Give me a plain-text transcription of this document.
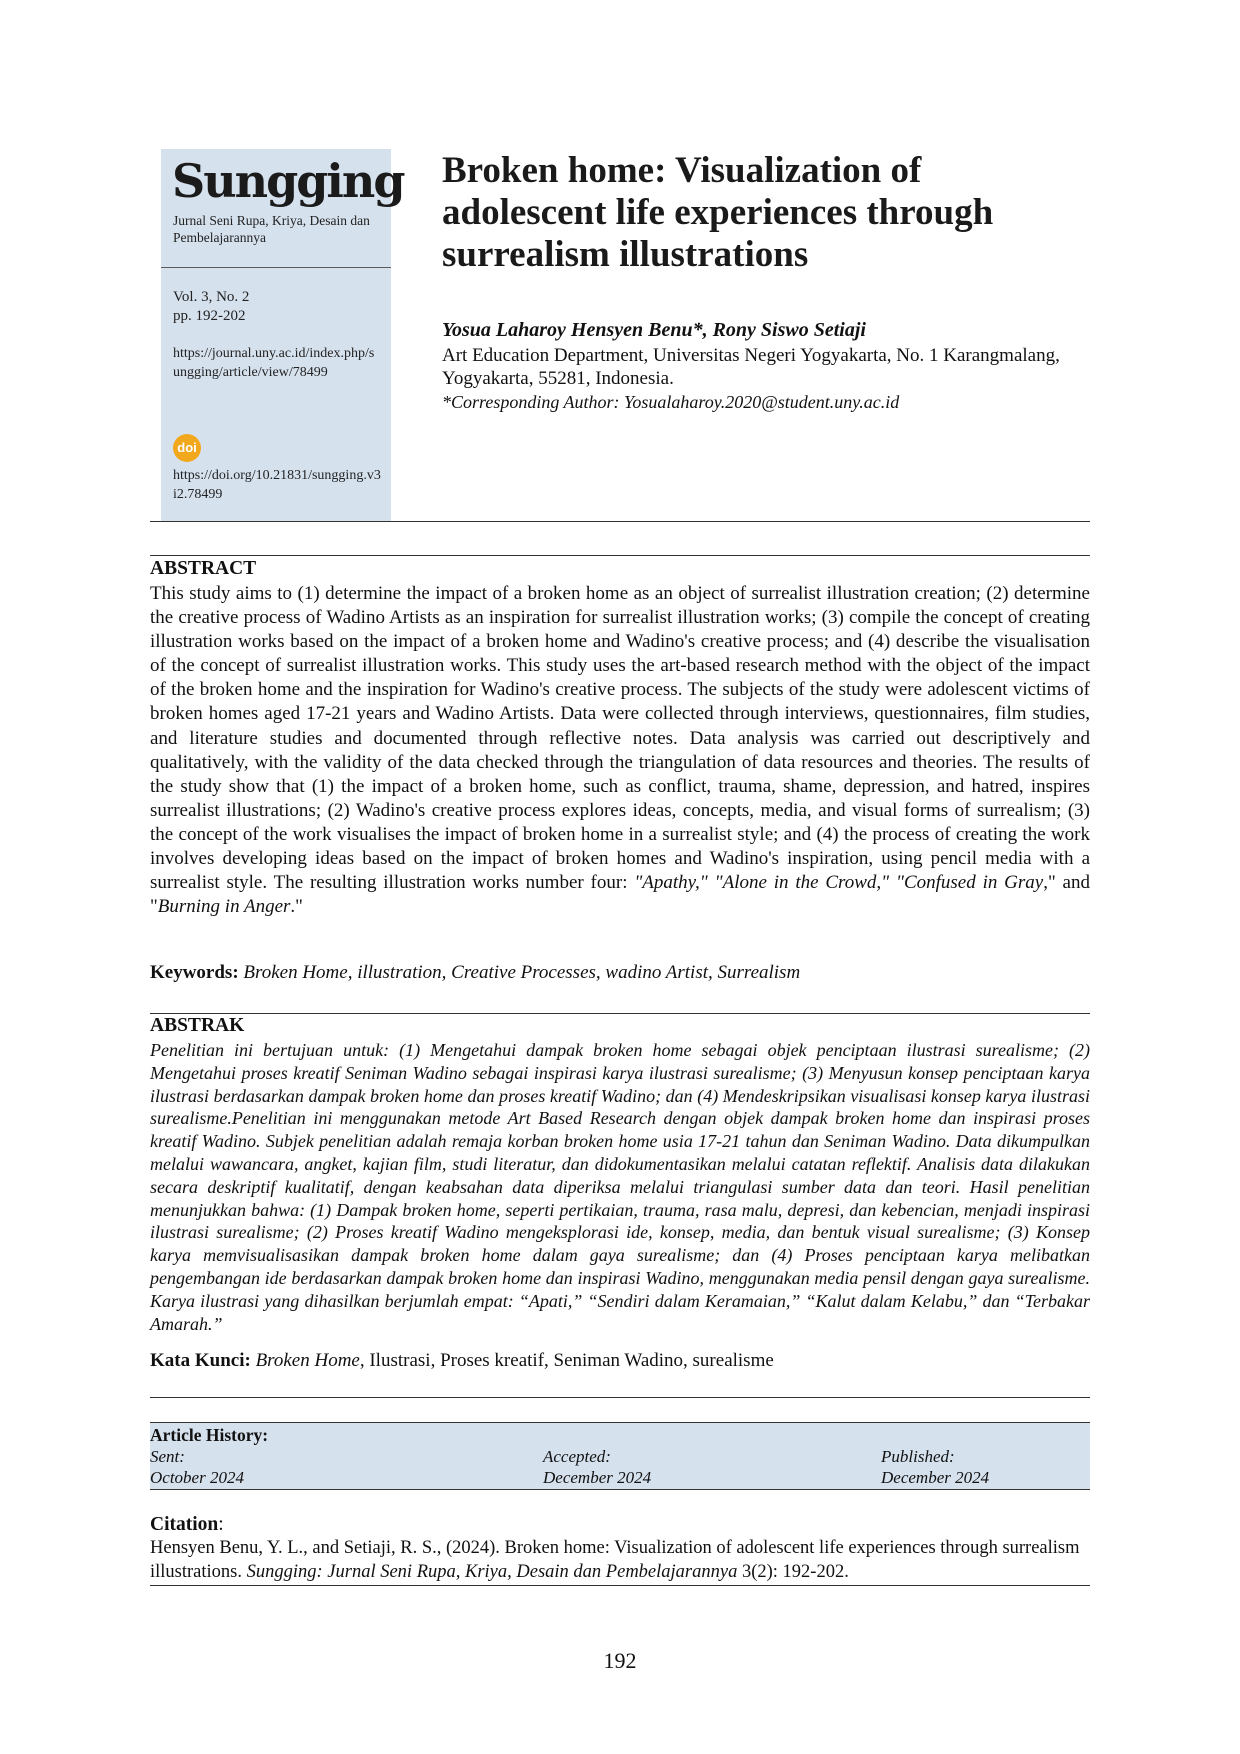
Sungging
Jurnal Seni Rupa, Kriya, Desain dan Pembelajarannya
Vol. 3, No. 2
pp. 192-202
https://journal.uny.ac.id/index.php/sungging/article/view/78499
doi
https://doi.org/10.21831/sungging.v3i2.78499
Broken home: Visualization of adolescent life experiences through surrealism illustrations
Yosua Laharoy Hensyen Benu*, Rony Siswo Setiaji
Art Education Department, Universitas Negeri Yogyakarta, No. 1 Karangmalang, Yogyakarta, 55281, Indonesia.
*Corresponding Author: Yosualaharoy.2020@student.uny.ac.id
ABSTRACT

This study aims to (1) determine the impact of a broken home as an object of surrealist illustration creation; (2) determine the creative process of Wadino Artists as an inspiration for surrealist illustration works; (3) compile the concept of creating illustration works based on the impact of a broken home and Wadino's creative process; and (4) describe the visualisation of the concept of surrealist illustration works. This study uses the art-based research method with the object of the impact of the broken home and the inspiration for Wadino's creative process. The subjects of the study were adolescent victims of broken homes aged 17-21 years and Wadino Artists. Data were collected through interviews, questionnaires, film studies, and literature studies and documented through reflective notes. Data analysis was carried out descriptively and qualitatively, with the validity of the data checked through the triangulation of data resources and theories. The results of the study show that (1) the impact of a broken home, such as conflict, trauma, shame, depression, and hatred, inspires surrealist illustrations; (2) Wadino's creative process explores ideas, concepts, media, and visual forms of surrealism; (3) the concept of the work visualises the impact of broken home in a surrealist style; and (4) the process of creating the work involves developing ideas based on the impact of broken homes and Wadino's inspiration, using pencil media with a surrealist style. The resulting illustration works number four: "Apathy," "Alone in the Crowd," "Confused in Gray," and "Burning in Anger."

Keywords: Broken Home, illustration, Creative Processes, wadino Artist, Surrealism

ABSTRAK

Penelitian ini bertujuan untuk: (1) Mengetahui dampak broken home sebagai objek penciptaan ilustrasi surealisme; (2) Mengetahui proses kreatif Seniman Wadino sebagai inspirasi karya ilustrasi surealisme; (3) Menyusun konsep penciptaan karya ilustrasi berdasarkan dampak broken home dan proses kreatif Wadino; dan (4) Mendeskripsikan visualisasi konsep karya ilustrasi surealisme.Penelitian ini menggunakan metode Art Based Research dengan objek dampak broken home dan inspirasi proses kreatif Wadino. Subjek penelitian adalah remaja korban broken home usia 17-21 tahun dan Seniman Wadino. Data dikumpulkan melalui wawancara, angket, kajian film, studi literatur, dan didokumentasikan melalui catatan reflektif. Analisis data dilakukan secara deskriptif kualitatif, dengan keabsahan data diperiksa melalui triangulasi sumber data dan teori. Hasil penelitian menunjukkan bahwa: (1) Dampak broken home, seperti pertikaian, trauma, rasa malu, depresi, dan kebencian, menjadi inspirasi ilustrasi surealisme; (2) Proses kreatif Wadino mengeksplorasi ide, konsep, media, dan bentuk visual surealisme; (3) Konsep karya memvisualisasikan dampak broken home dalam gaya surealisme; dan (4) Proses penciptaan karya melibatkan pengembangan ide berdasarkan dampak broken home dan inspirasi Wadino, menggunakan media pensil dengan gaya surealisme. Karya ilustrasi yang dihasilkan berjumlah empat: “Apati,” “Sendiri dalam Keramaian,” “Kalut dalam Kelabu,” dan “Terbakar Amarah.”

Kata Kunci: Broken Home, Ilustrasi, Proses kreatif, Seniman Wadino, surealisme

Article History:
Sent:
October 2024
Accepted:
December 2024
Published:
December 2024
Citation:

Hensyen Benu, Y. L., and Setiaji, R. S., (2024). Broken home: Visualization of adolescent life experiences through surrealism illustrations. Sungging: Jurnal Seni Rupa, Kriya, Desain dan Pembelajarannya 3(2): 192-202.

192
